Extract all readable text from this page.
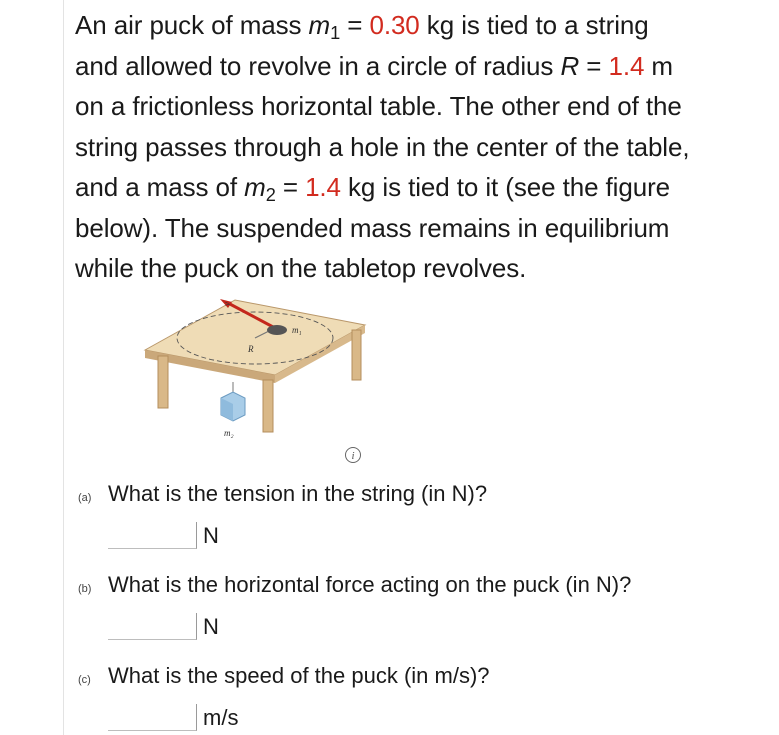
An air puck of mass $m_1 = 0.30$ kg is tied to a string
and allowed to revolve in a circle of radius R = 1.4 m
on a frictionless horizontal table. The other end of the
string passes through a hole in the center of the table,
and a mass of $m_2 = 1.4$ kg is tied to it (see the figure
below). The suspended mass remains in equilibrium
while the puck on the tabletop revolves.
m₁
R
m₂
v⃗
i
(a) What is the tension in the string (in N)?
N
(b) What is the horizontal force acting on the puck (in N)?
N
(c) What is the speed of the puck (in m/s)?
m/s
